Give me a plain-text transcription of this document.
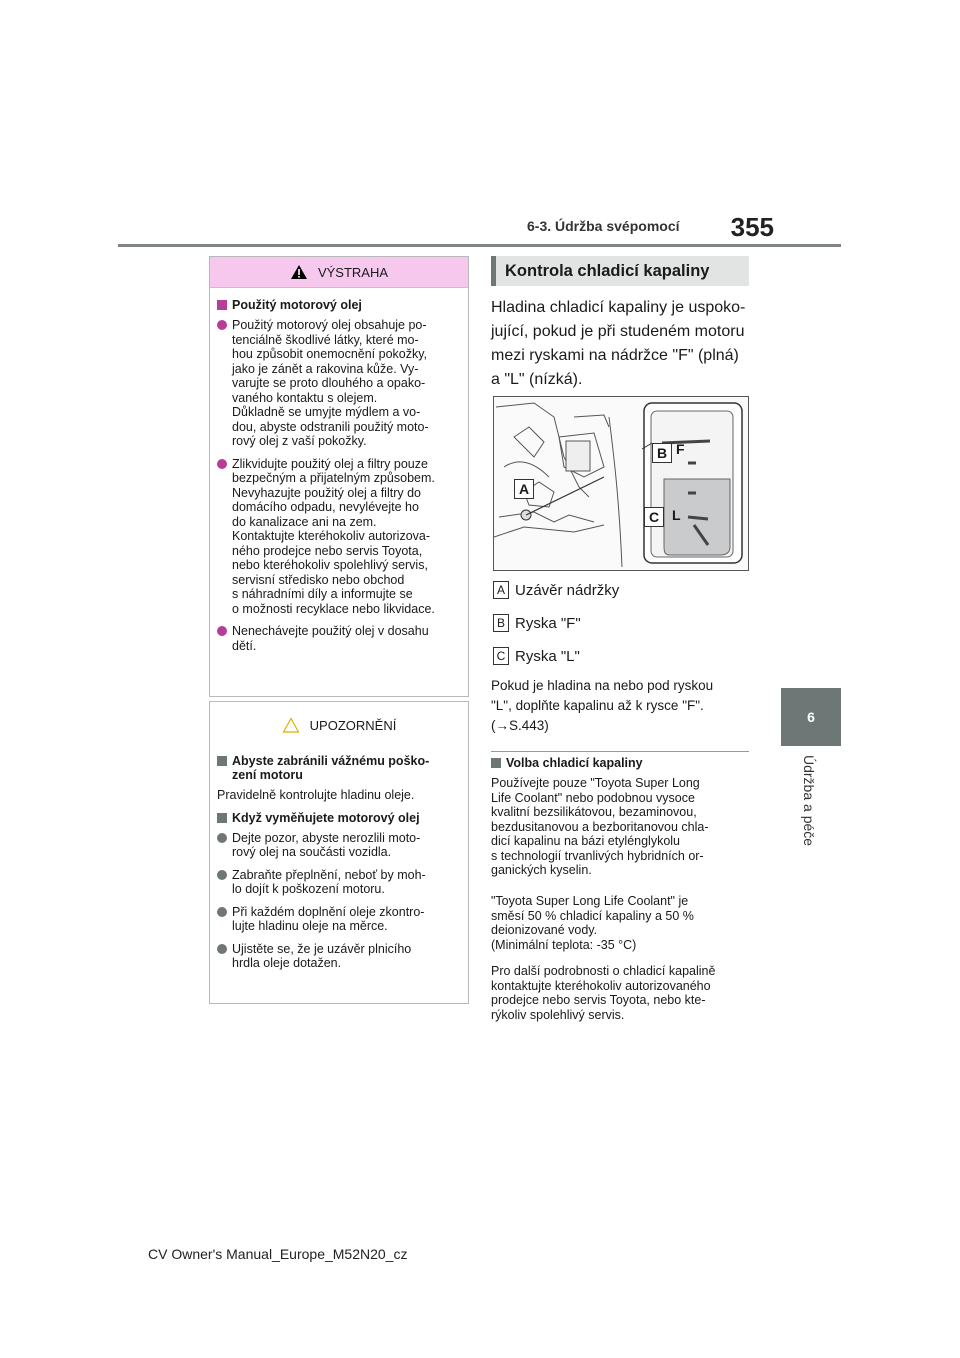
6-3. Údržba svépomocí	355
6
Údržba a péče
VÝSTRAHA
Použitý motorový olej
Použitý motorový olej obsahuje po-
tenciálně škodlivé látky, které mo-
hou způsobit onemocnění pokožky,
jako je zánět a rakovina kůže. Vy-
varujte se proto dlouhého a opako-
vaného kontaktu s olejem.
Důkladně se umyjte mýdlem a vo-
dou, abyste odstranili použitý moto-
rový olej z vaší pokožky.
Zlikvidujte použitý olej a filtry pouze
bezpečným a přijatelným způsobem.
Nevyhazujte použitý olej a filtry do
domácího odpadu, nevylévejte ho
do kanalizace ani na zem.
Kontaktujte kteréhokoliv autorizova-
ného prodejce nebo servis Toyota,
nebo kteréhokoliv spolehlivý servis,
servisní středisko nebo obchod
s náhradními díly a informujte se
o možnosti recyklace nebo likvidace.
Nenechávejte použitý olej v dosahu
dětí.
UPOZORNĚNÍ
Abyste zabránili vážnému poško-
zení motoru
Pravidelně kontrolujte hladinu oleje.
Když vyměňujete motorový olej
Dejte pozor, abyste nerozlili moto-
rový olej na součásti vozidla.
Zabraňte přeplnění, neboť by moh-
lo dojít k poškození motoru.
Při každém doplnění oleje zkontro-
lujte hladinu oleje na měrce.
Ujistěte se, že je uzávěr plnicího
hrdla oleje dotažen.
Kontrola chladicí kapaliny
Hladina chladicí kapaliny je uspoko-
jující, pokud je při studeném motoru
mezi ryskami na nádržce "F" (plná)
a "L" (nízká).
B F
A
C L
A Uzávěr nádržky
B Ryska "F"
C Ryska "L"
Pokud je hladina na nebo pod ryskou
"L", doplňte kapalinu až k rysce "F".
(→S.443)
Volba chladicí kapaliny
Používejte pouze "Toyota Super Long
Life Coolant" nebo podobnou vysoce
kvalitní bezsilikátovou, bezaminovou,
bezdusitanovou a bezboritanovou chla-
dicí kapalinu na bázi etylénglykolu
s technologií trvanlivých hybridních or-
ganických kyselin.
"Toyota Super Long Life Coolant" je
směsí 50 % chladicí kapaliny a 50 %
deionizované vody.
(Minimální teplota: -35 °C)
Pro další podrobnosti o chladicí kapalině
kontaktujte kteréhokoliv autorizovaného
prodejce nebo servis Toyota, nebo kte-
rýkoliv spolehlivý servis.
CV Owner's Manual_Europe_M52N20_cz
